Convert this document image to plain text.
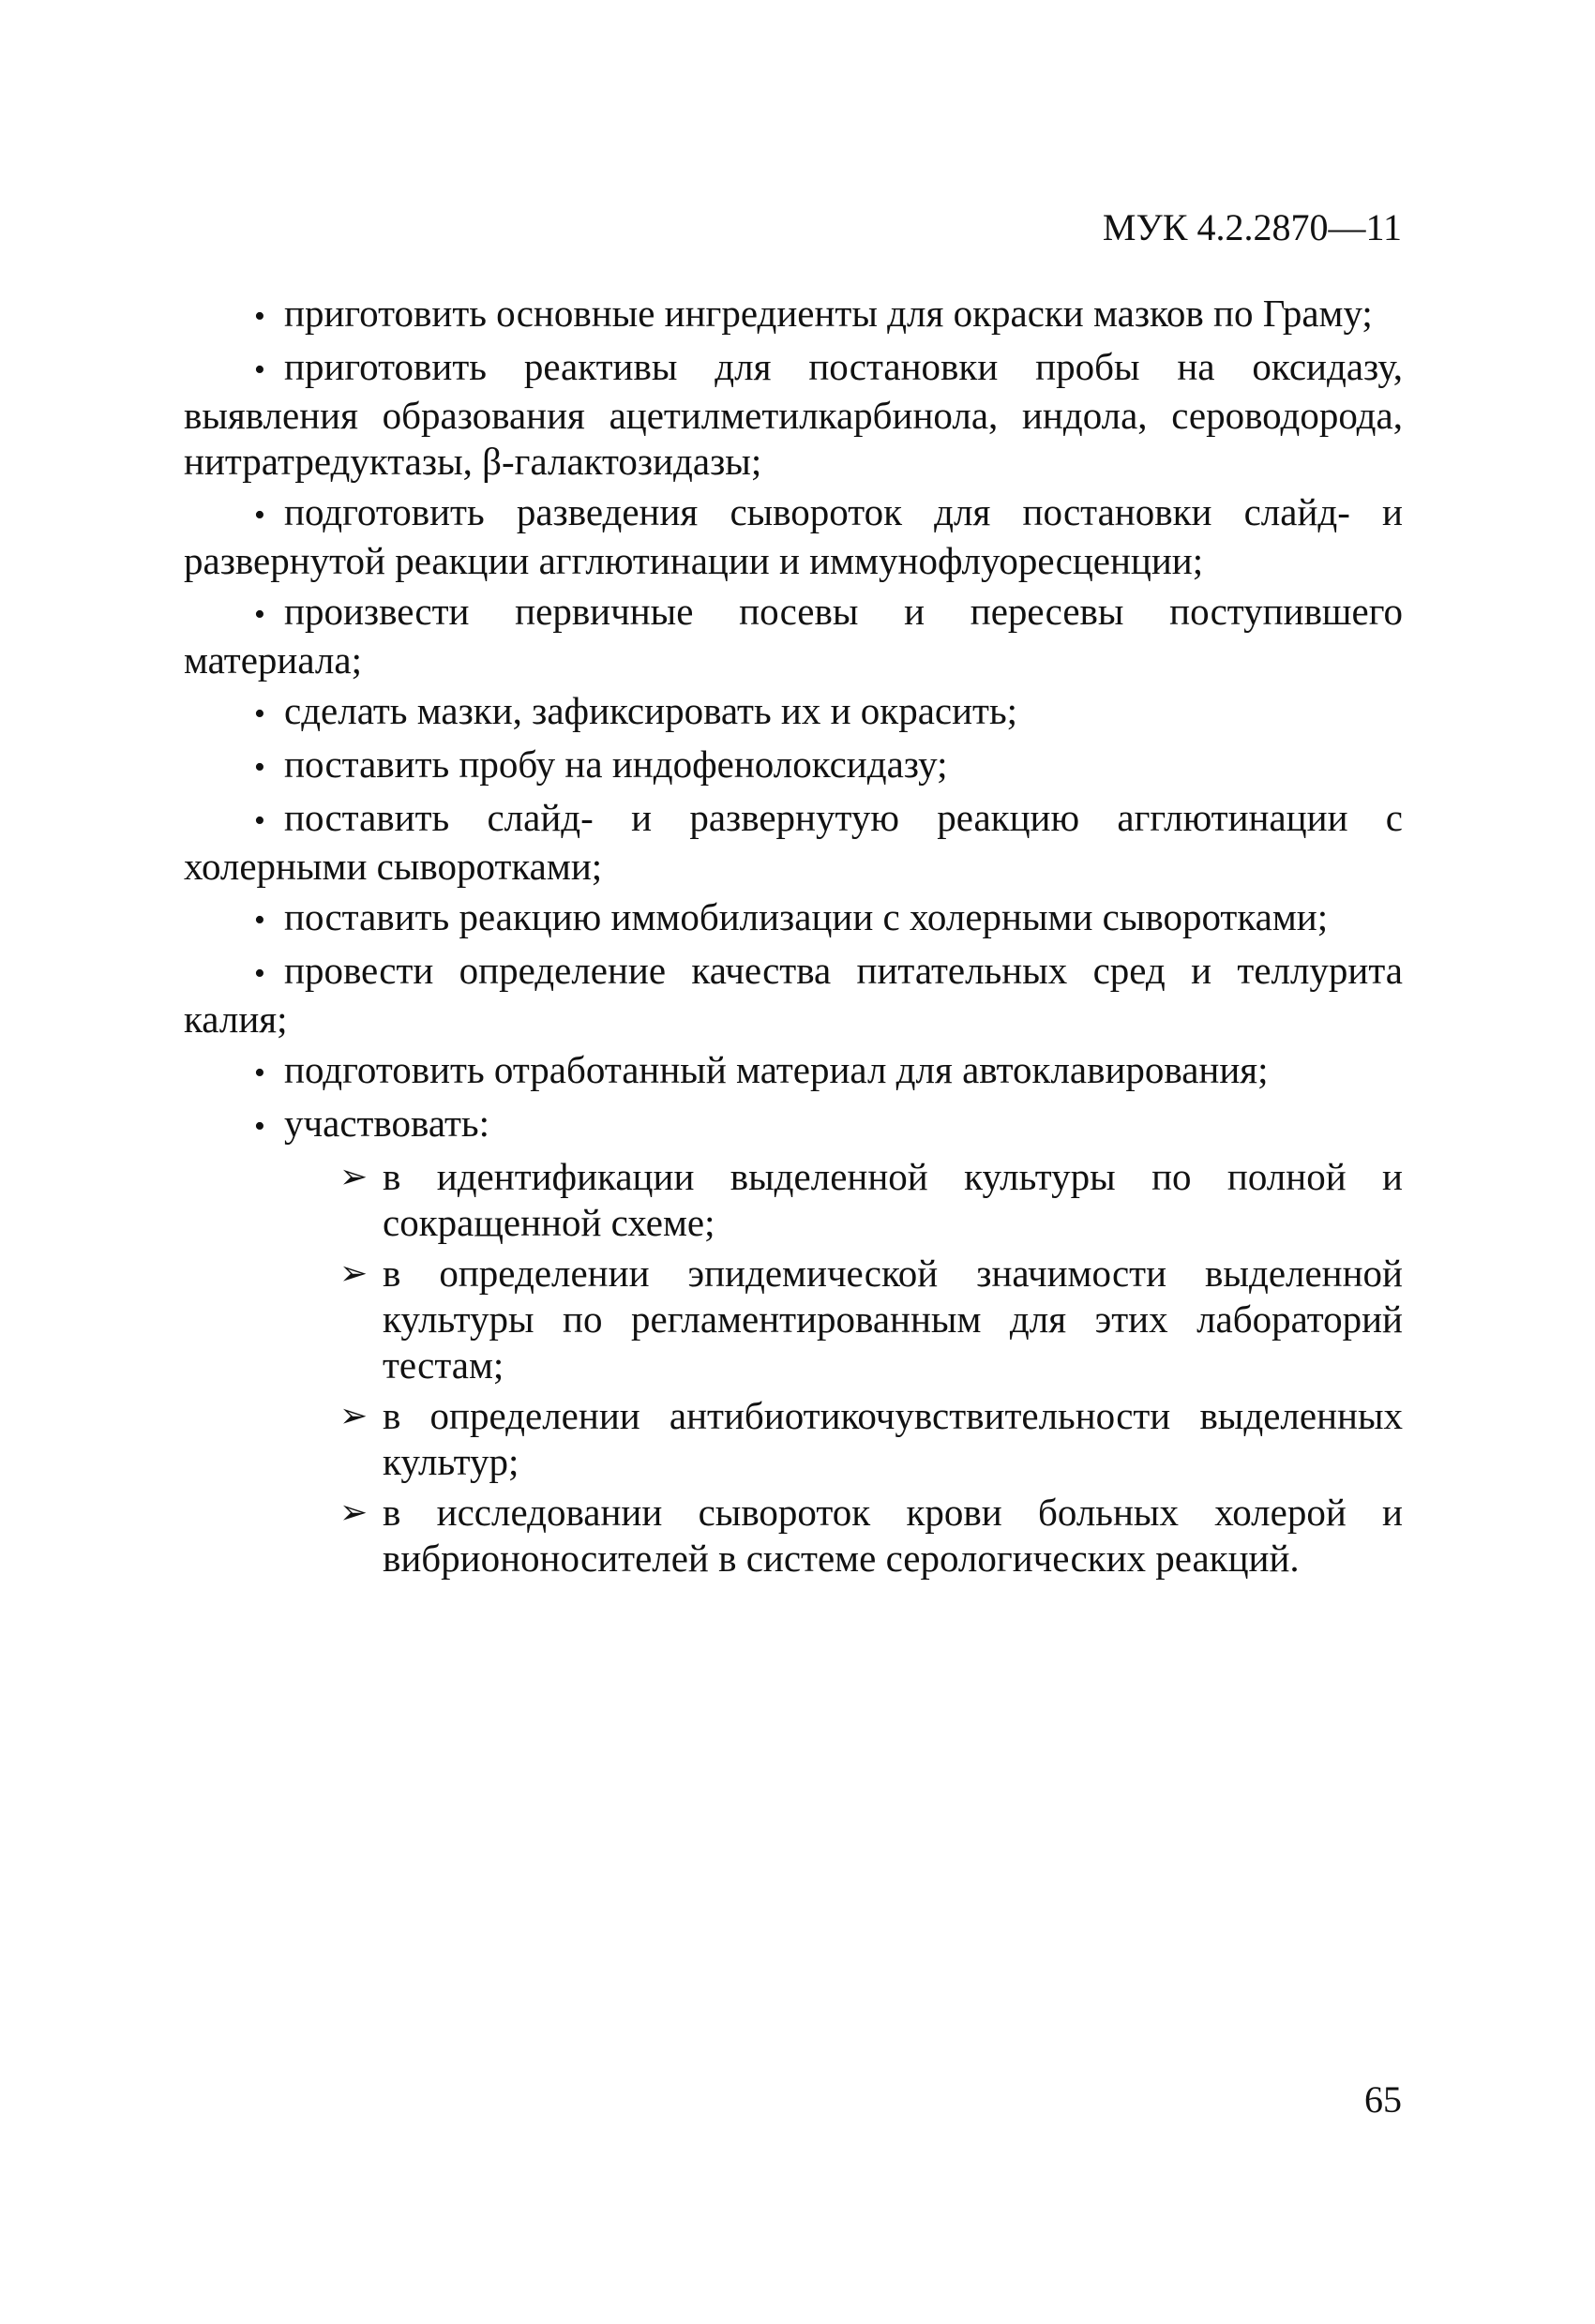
МУК 4.2.2870—11

• приготовить основные ингредиенты для окраски мазков по Граму;

• приготовить реактивы для постановки пробы на оксидазу, выявления образования ацетилметилкарбинола, индола, сероводорода, нитратредуктазы, β-галактозидазы;

• подготовить разведения сывороток для постановки слайд- и развернутой реакции агглютинации и иммунофлуоресценции;

• произвести первичные посевы и пересевы поступившего материала;

• сделать мазки, зафиксировать их и окрасить;

• поставить пробу на индофенолоксидазу;

• поставить слайд- и развернутую реакцию агглютинации с холерными сыворотками;

• поставить реакцию иммобилизации с холерными сыворотками;

• провести определение качества питательных сред и теллурита калия;

• подготовить отработанный материал для автоклавирования;

• участвовать:

➢ в идентификации выделенной культуры по полной и сокращенной схеме;

➢ в определении эпидемической значимости выделенной культуры по регламентированным для этих лабораторий тестам;

➢ в определении антибиотикочувствительности выделенных культур;

➢ в исследовании сывороток крови больных холерой и вибриононосителей в системе серологических реакций.

65
